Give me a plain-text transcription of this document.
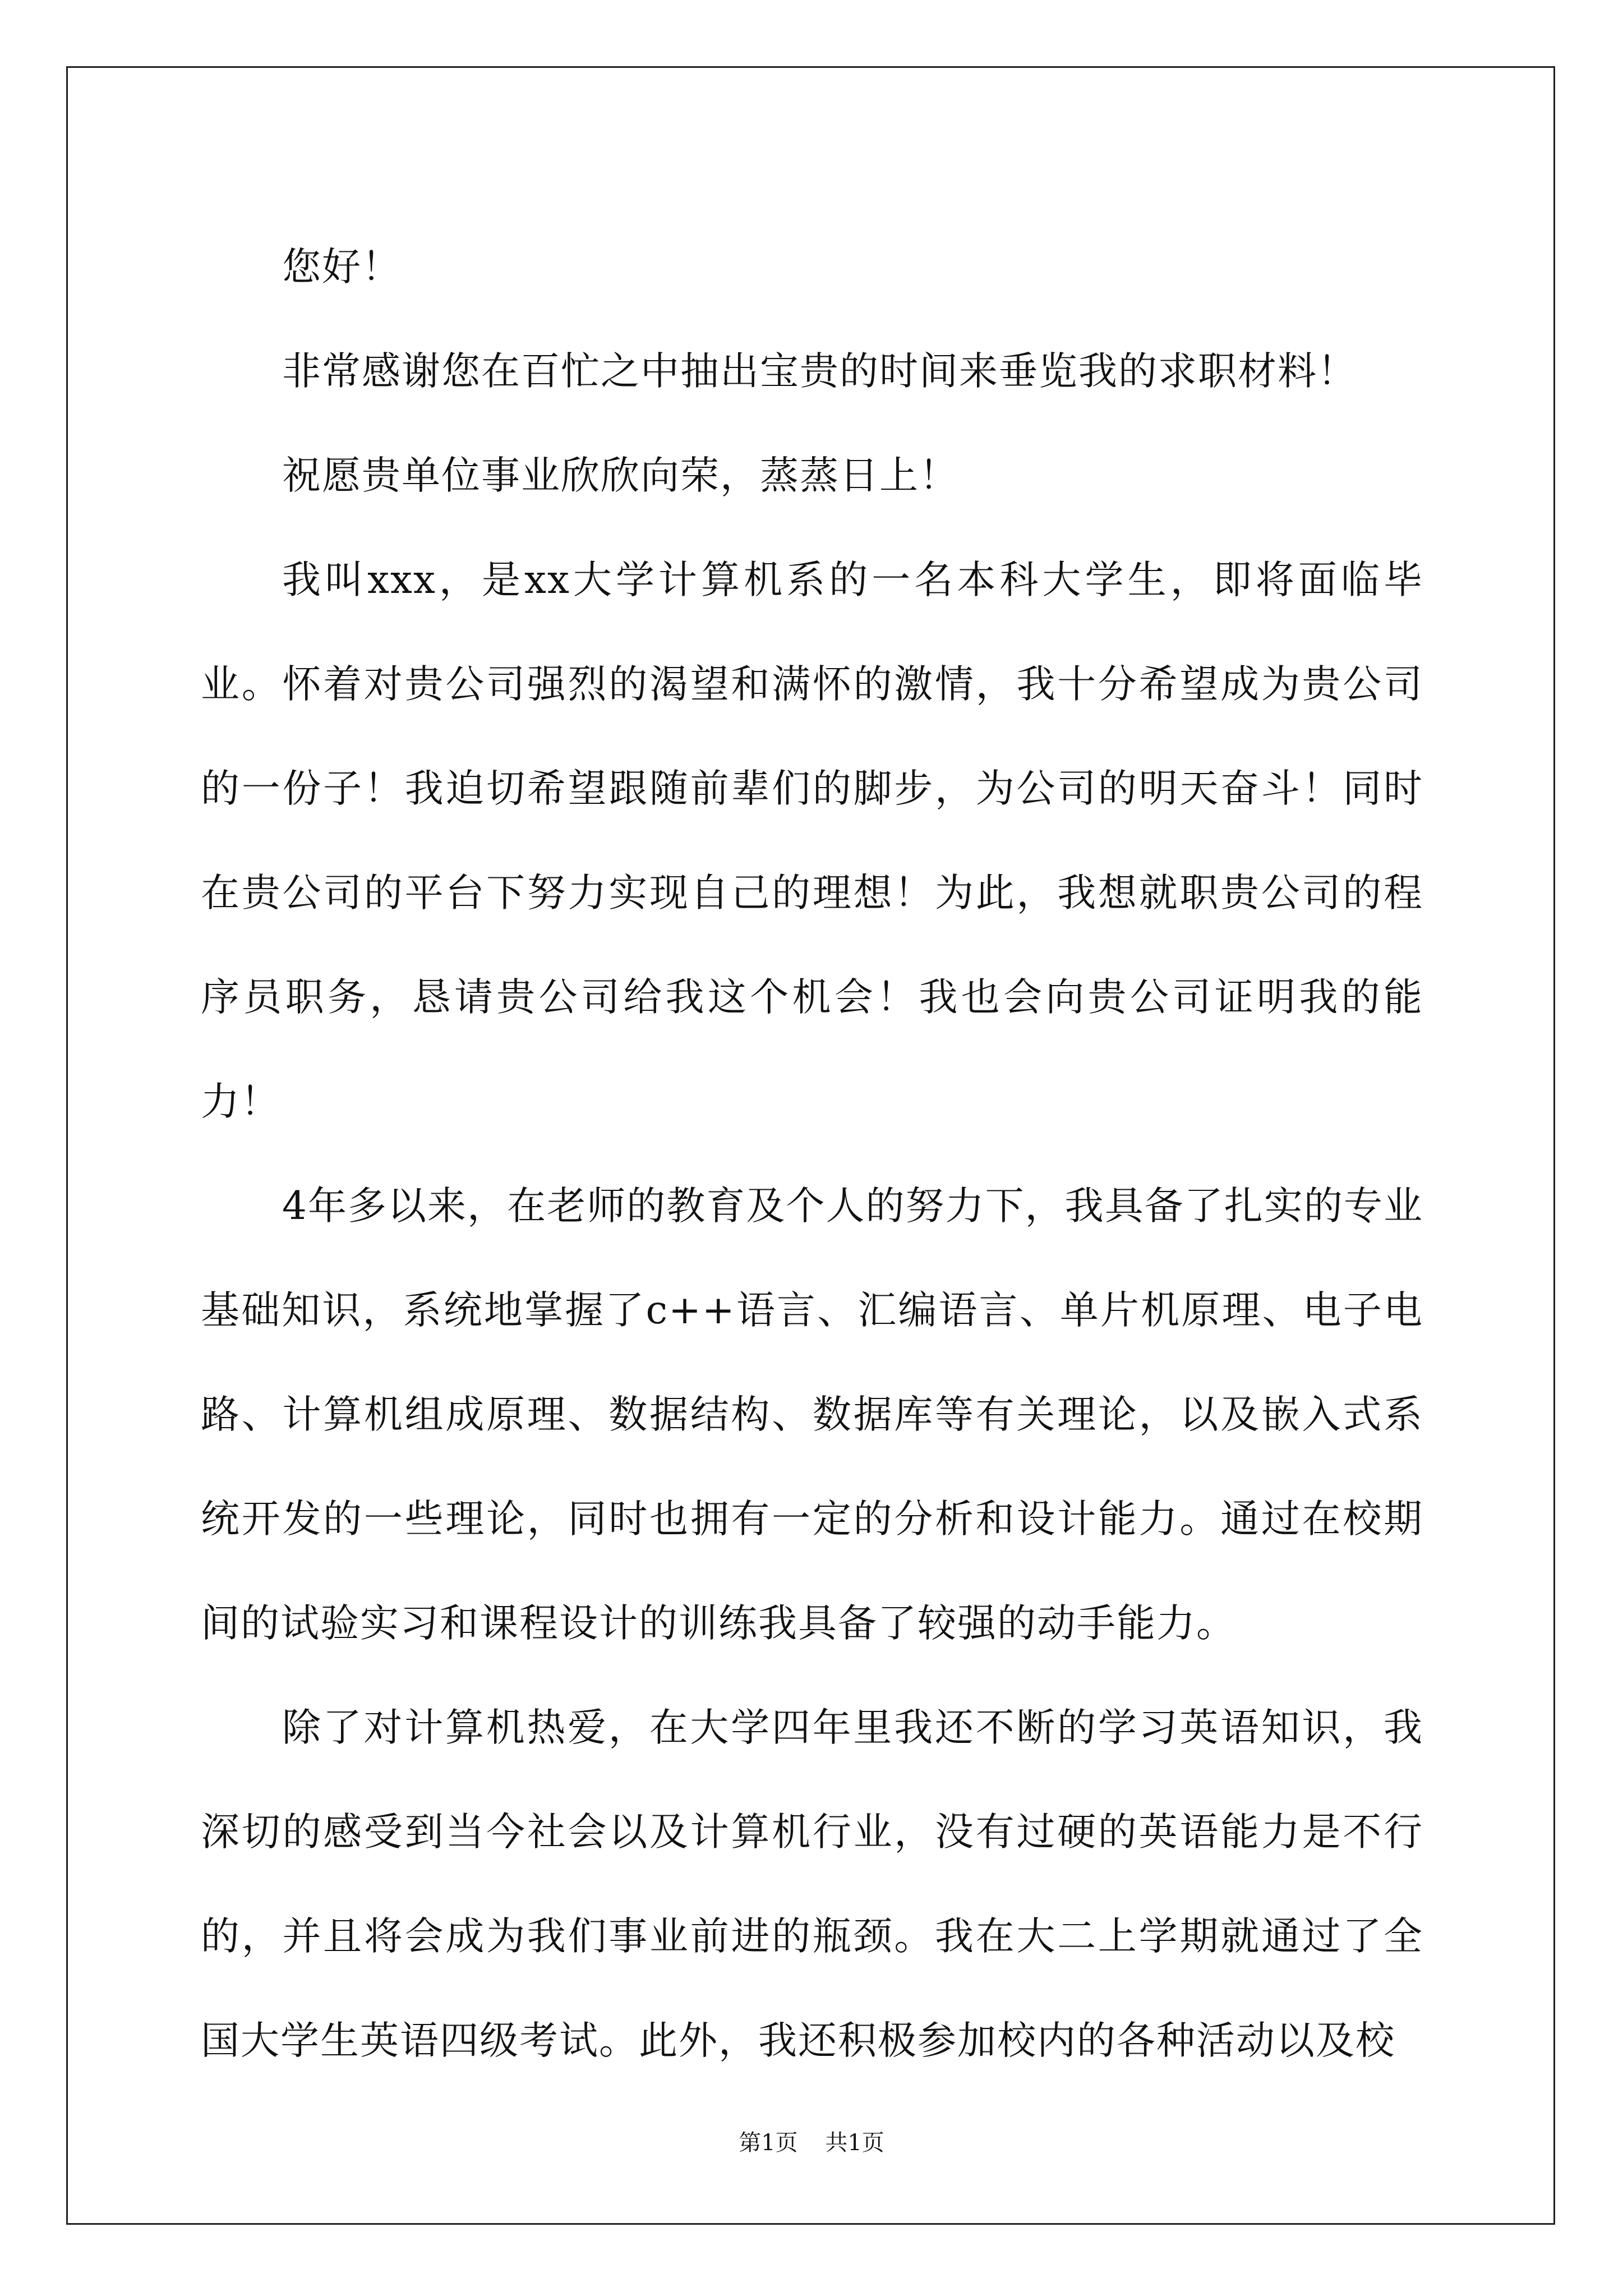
您好！

非常感谢您在百忙之中抽出宝贵的时间来垂览我的求职材料！

祝愿贵单位事业欣欣向荣，蒸蒸日上！

我叫xxx，是xx大学计算机系的一名本科大学生，即将面临毕业。怀着对贵公司强烈的渴望和满怀的激情，我十分希望成为贵公司的一份子！我迫切希望跟随前辈们的脚步，为公司的明天奋斗！同时在贵公司的平台下努力实现自己的理想！为此，我想就职贵公司的程序员职务，恳请贵公司给我这个机会！我也会向贵公司证明我的能力！

4年多以来，在老师的教育及个人的努力下，我具备了扎实的专业基础知识，系统地掌握了c++语言、汇编语言、单片机原理、电子电路、计算机组成原理、数据结构、数据库等有关理论，以及嵌入式系统开发的一些理论，同时也拥有一定的分析和设计能力。通过在校期间的试验实习和课程设计的训练我具备了较强的动手能力。

除了对计算机热爱，在大学四年里我还不断的学习英语知识，我深切的感受到当今社会以及计算机行业，没有过硬的英语能力是不行的，并且将会成为我们事业前进的瓶颈。我在大二上学期就通过了全国大学生英语四级考试。此外，我还积极参加校内的各种活动以及校

第1页 共1页
